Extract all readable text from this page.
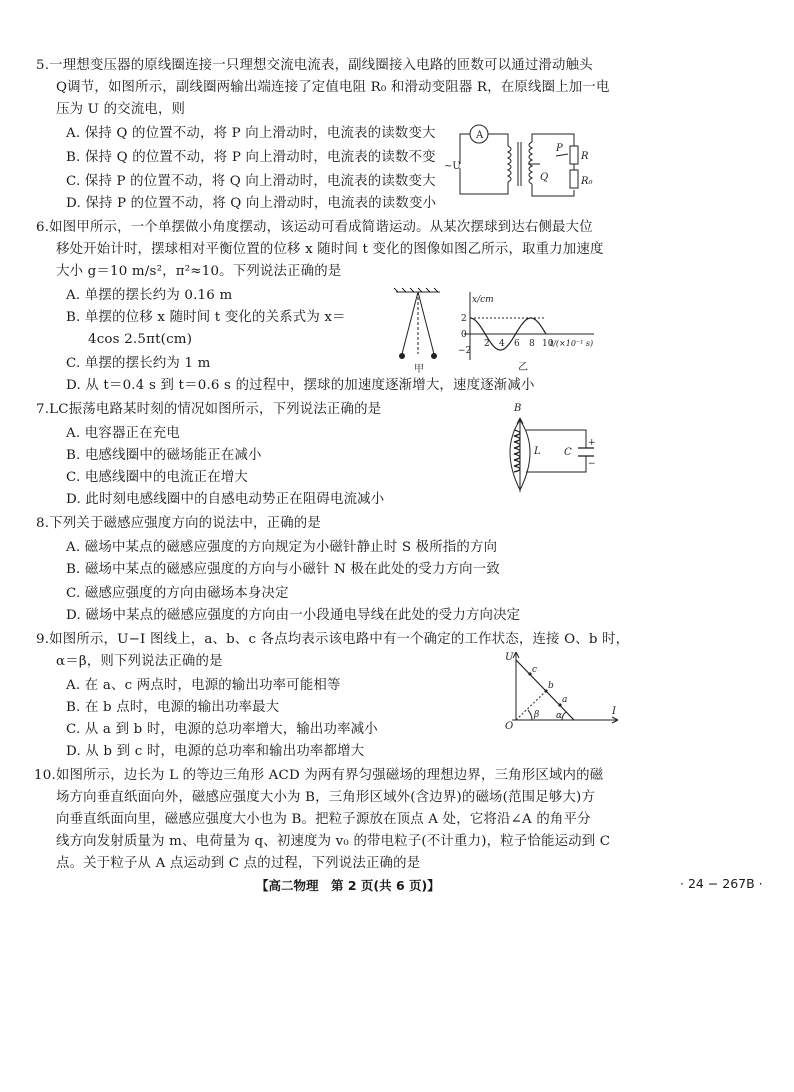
5.一理想变压器的原线圈连接一只理想交流电流表，副线圈接入电路的匝数可以通过滑动触头
Q调节，如图所示，副线圈两输出端连接了定值电阻 R₀ 和滑动变阻器 R，在原线圈上加一电
压为 U 的交流电，则
A. 保持 Q 的位置不动，将 P 向上滑动时，电流表的读数变大
B. 保持 Q 的位置不动，将 P 向上滑动时，电流表的读数不变
C. 保持 P 的位置不动，将 Q 向上滑动时，电流表的读数变大
D. 保持 P 的位置不动，将 Q 向上滑动时，电流表的读数变小
A
~U
P
Q
R
R₀
6.如图甲所示，一个单摆做小角度摆动，该运动可看成简谐运动。从某次摆球到达右侧最大位
移处开始计时，摆球相对平衡位置的位移 x 随时间 t 变化的图像如图乙所示，取重力加速度
大小 g＝10 m/s²，π²≈10。下列说法正确的是
A. 单摆的摆长约为 0.16 m
B. 单摆的位移 x 随时间 t 变化的关系式为 x＝
4cos 2.5πt(cm)
C. 单摆的摆长约为 1 m
D. 从 t＝0.4 s 到 t＝0.6 s 的过程中，摆球的加速度逐渐增大，速度逐渐减小
甲
x/cm
t/(×10⁻¹ s)
2
0
−2
2 4 6 8 10
乙
7.LC振荡电路某时刻的情况如图所示，下列说法正确的是
A. 电容器正在充电
B. 电感线圈中的磁场能正在减小
C. 电感线圈中的电流正在增大
D. 此时刻电感线圈中的自感电动势正在阻碍电流减小
B
L C
+
−
8.下列关于磁感应强度方向的说法中，正确的是
A. 磁场中某点的磁感应强度的方向规定为小磁针静止时 S 极所指的方向
B. 磁场中某点的磁感应强度的方向与小磁针 N 极在此处的受力方向一致
C. 磁感应强度的方向由磁场本身决定
D. 磁场中某点的磁感应强度的方向由一小段通电导线在此处的受力方向决定
9.如图所示，U−I 图线上，a、b、c 各点均表示该电路中有一个确定的工作状态，连接 O、b 时，
α＝β，则下列说法正确的是
A. 在 a、c 两点时，电源的输出功率可能相等
B. 在 b 点时，电源的输出功率最大
C. 从 a 到 b 时，电源的总功率增大，输出功率减小
D. 从 b 到 c 时，电源的总功率和输出功率都增大
U
I
O
c
b
a
β α
10.如图所示，边长为 L 的等边三角形 ACD 为两有界匀强磁场的理想边界，三角形区域内的磁
场方向垂直纸面向外，磁感应强度大小为 B，三角形区域外(含边界)的磁场(范围足够大)方
向垂直纸面向里，磁感应强度大小也为 B。把粒子源放在顶点 A 处，它将沿∠A 的角平分
线方向发射质量为 m、电荷量为 q、初速度为 v₀ 的带电粒子(不计重力)，粒子恰能运动到 C
点。关于粒子从 A 点运动到 C 点的过程，下列说法正确的是
【高二物理　第 2 页(共 6 页)】	· 24 − 267B ·
